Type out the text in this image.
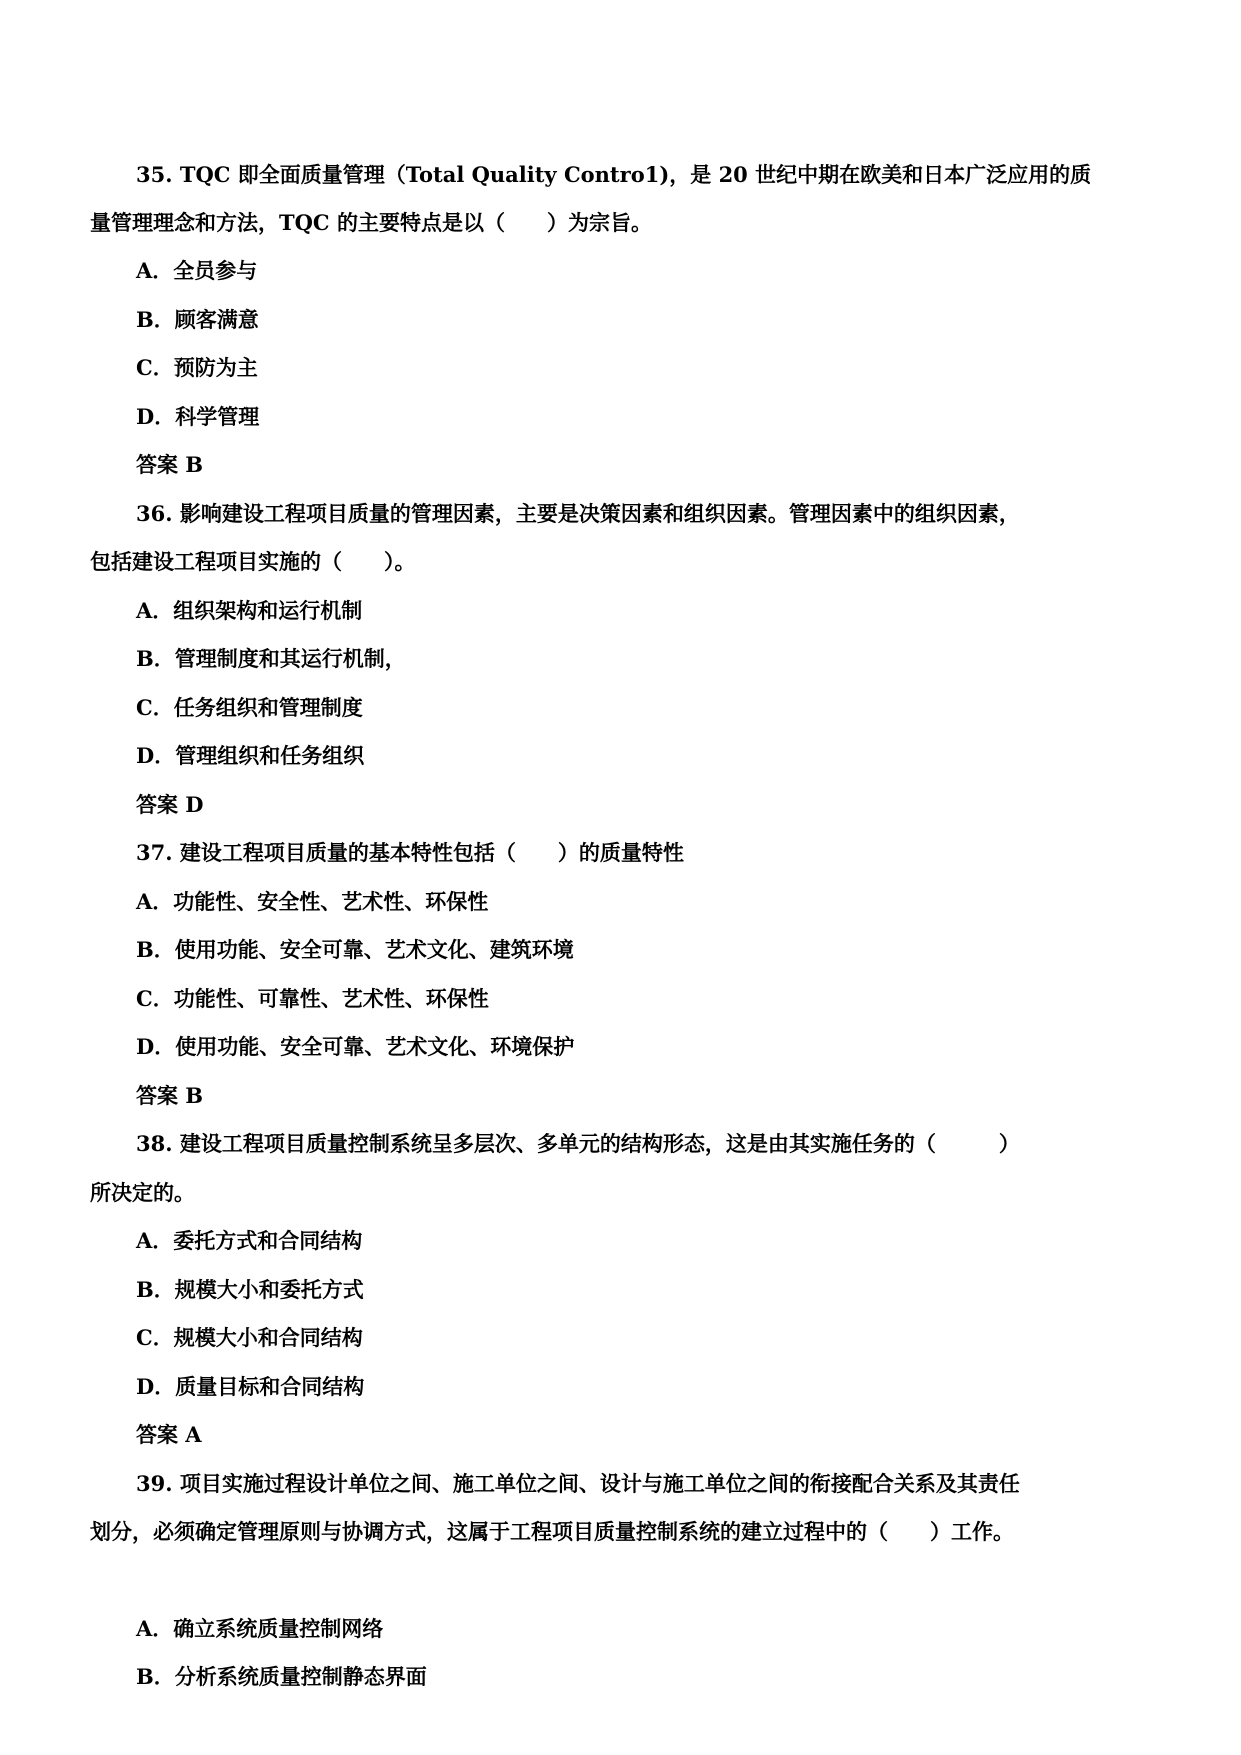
35. TQC 即全面质量管理（Total Quality Contro1)，是 20 世纪中期在欧美和日本广泛应用的质
量管理理念和方法，TQC 的主要特点是以（　　）为宗旨。
A．全员参与
B．顾客满意
C．预防为主
D．科学管理
答案 B
36. 影响建设工程项目质量的管理因素，主要是决策因素和组织因素。管理因素中的组织因素，
包括建设工程项目实施的（　　）。
A．组织架构和运行机制
B．管理制度和其运行机制，
C．任务组织和管理制度
D．管理组织和任务组织
答案 D
37. 建设工程项目质量的基本特性包括（　　）的质量特性
A．功能性、安全性、艺术性、环保性
B．使用功能、安全可靠、艺术文化、建筑环境
C．功能性、可靠性、艺术性、环保性
D．使用功能、安全可靠、艺术文化、环境保护
答案 B
38. 建设工程项目质量控制系统呈多层次、多单元的结构形态，这是由其实施任务的（　　　）
所决定的。
A．委托方式和合同结构
B．规模大小和委托方式
C．规模大小和合同结构
D．质量目标和合同结构
答案 A
39. 项目实施过程设计单位之间、施工单位之间、设计与施工单位之间的衔接配合关系及其责任
划分，必须确定管理原则与协调方式，这属于工程项目质量控制系统的建立过程中的（　　）工作。
A．确立系统质量控制网络
B．分析系统质量控制静态界面
